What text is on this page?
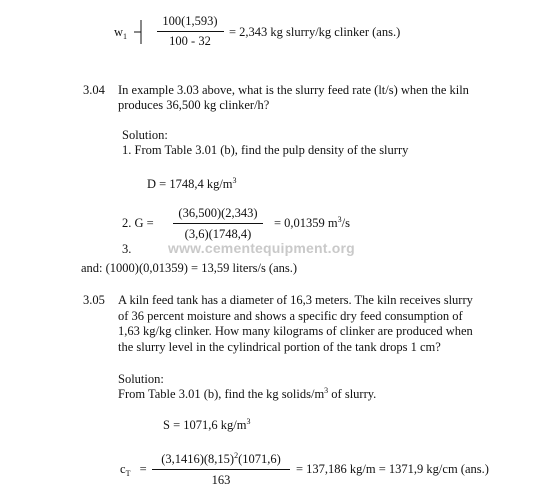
$w_1$
100(1,593)
100 - 32
= 2,343 kg slurry/kg clinker (ans.)
3.04 In example 3.03 above, what is the slurry feed rate (lt/s) when the kiln
produces 36,500 kg clinker/h?
Solution:
1. From Table 3.01 (b), find the pulp density of the slurry
D = 1748,4 $kg/m^3$
2. G =
(36,500)(2,343)
(3,6)(1748,4)
= 0,01359 $m^3/s$
3.	www.cementequipment.org
and: (1000)(0,01359) = 13,59 liters/s (ans.)
3.05 A kiln feed tank has a diameter of 16,3 meters. The kiln receives slurry
of 36 percent moisture and shows a specific dry feed consumption of
1,63 kg/kg clinker. How many kilograms of clinker are produced when
the slurry level in the cylindrical portion of the tank drops 1 cm?
Solution:
From Table 3.01 (b), find the kg solids/$m^3$ of slurry.
S = 1071,6 $kg/m^3$
$c_T$ =
$(3,1416)(8,15)^2(1071,6)$
163
= 137,186 kg/m = 1371,9 kg/cm (ans.)
